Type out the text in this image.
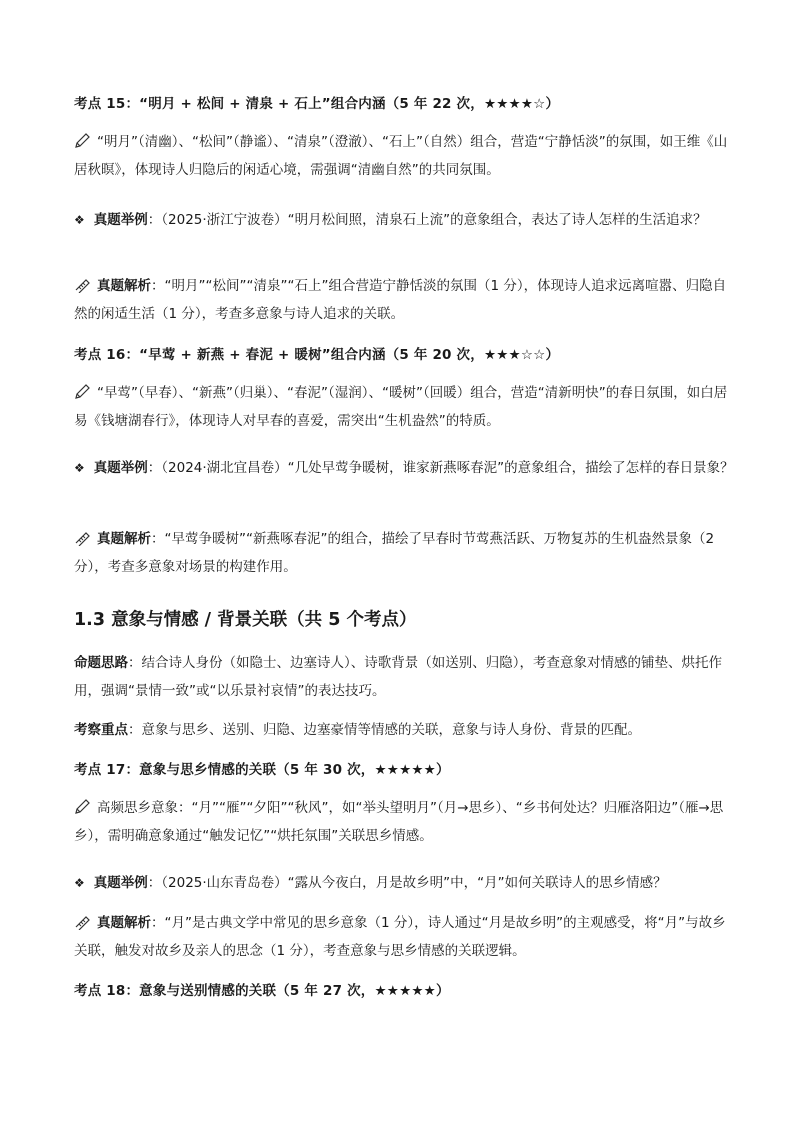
考点 15：“明月 + 松间 + 清泉 + 石上”组合内涵（5 年 22 次，★★★★☆）

“明月”（清幽）、“松间”（静谧）、“清泉”（澄澈）、“石上”（自然）组合，营造“宁静恬淡”的氛围，如王维《山居秋暝》，体现诗人归隐后的闲适心境，需强调“清幽自然”的共同氛围。

❖ 真题举例：（2025·浙江宁波卷）“明月松间照，清泉石上流”的意象组合，表达了诗人怎样的生活追求？

真题解析：“明月”“松间”“清泉”“石上”组合营造宁静恬淡的氛围（1 分），体现诗人追求远离喧嚣、归隐自然的闲适生活（1 分），考查多意象与诗人追求的关联。

考点 16：“早莺 + 新燕 + 春泥 + 暖树”组合内涵（5 年 20 次，★★★☆☆）

“早莺”（早春）、“新燕”（归巢）、“春泥”（湿润）、“暖树”（回暖）组合，营造“清新明快”的春日氛围，如白居易《钱塘湖春行》，体现诗人对早春的喜爱，需突出“生机盎然”的特质。

❖ 真题举例：（2024·湖北宜昌卷）“几处早莺争暖树，谁家新燕啄春泥”的意象组合，描绘了怎样的春日景象？

真题解析：“早莺争暖树”“新燕啄春泥”的组合，描绘了早春时节莺燕活跃、万物复苏的生机盎然景象（2 分），考查多意象对场景的构建作用。

1.3 意象与情感 / 背景关联（共 5 个考点）

命题思路：结合诗人身份（如隐士、边塞诗人）、诗歌背景（如送别、归隐），考查意象对情感的铺垫、烘托作用，强调“景情一致”或“以乐景衬哀情”的表达技巧。

考察重点：意象与思乡、送别、归隐、边塞豪情等情感的关联，意象与诗人身份、背景的匹配。

考点 17：意象与思乡情感的关联（5 年 30 次，★★★★★）

高频思乡意象：“月”“雁”“夕阳”“秋风”，如“举头望明月”（月→思乡）、“乡书何处达？归雁洛阳边”（雁→思乡），需明确意象通过“触发记忆”“烘托氛围”关联思乡情感。

❖ 真题举例：（2025·山东青岛卷）“露从今夜白，月是故乡明”中，“月”如何关联诗人的思乡情感？

真题解析：“月”是古典文学中常见的思乡意象（1 分），诗人通过“月是故乡明”的主观感受，将“月”与故乡关联，触发对故乡及亲人的思念（1 分），考查意象与思乡情感的关联逻辑。

考点 18：意象与送别情感的关联（5 年 27 次，★★★★★）
